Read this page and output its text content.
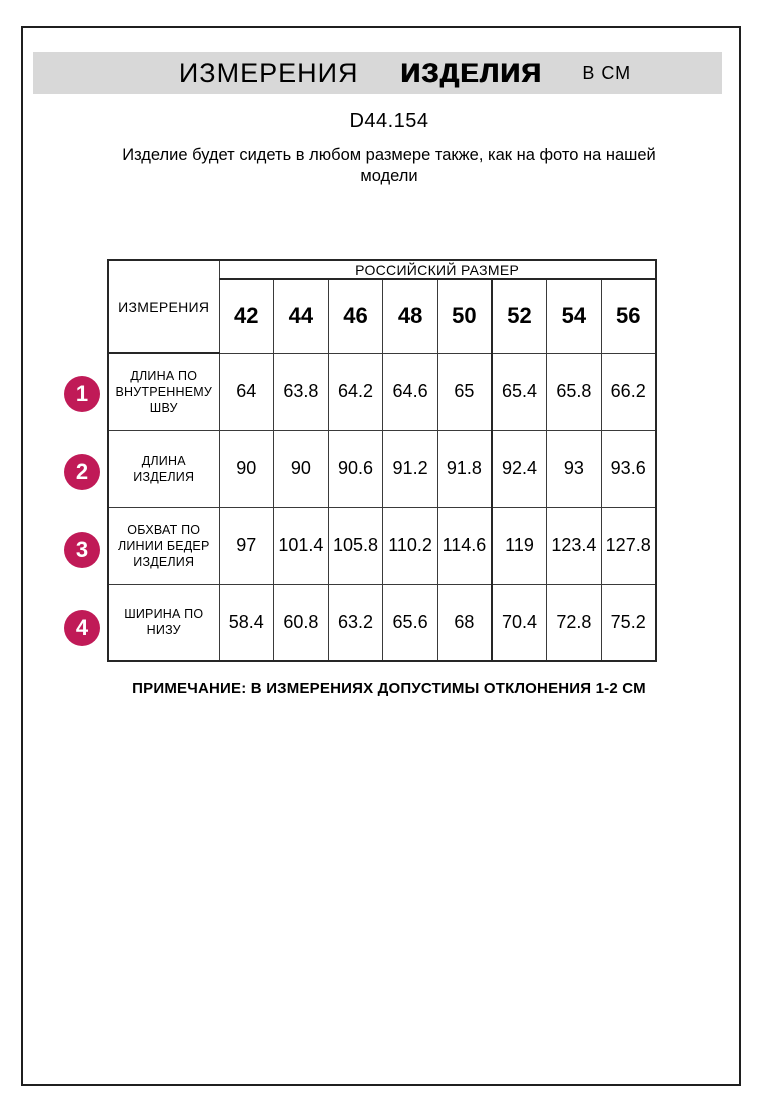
ИЗМЕРЕНИЯ ИЗДЕЛИЯ В СМ
D44.154
Изделие будет сидеть в любом размере также, как на фото на нашей модели
ИЗМЕРЕНИЯ	РОССИЙСКИЙ РАЗМЕР							
	42	44	46	48	50	52	54	56
ДЛИНА ПО ВНУТРЕННЕМУ ШВУ	64	63.8	64.2	64.6	65	65.4	65.8	66.2
ДЛИНА ИЗДЕЛИЯ	90	90	90.6	91.2	91.8	92.4	93	93.6
ОБХВАТ ПО ЛИНИИ БЕДЕР ИЗДЕЛИЯ	97	101.4	105.8	110.2	114.6	119	123.4	127.8
ШИРИНА ПО НИЗУ	58.4	60.8	63.2	65.6	68	70.4	72.8	75.2
1
2
3
4
ПРИМЕЧАНИЕ: В ИЗМЕРЕНИЯХ ДОПУСТИМЫ ОТКЛОНЕНИЯ 1-2 СМ
